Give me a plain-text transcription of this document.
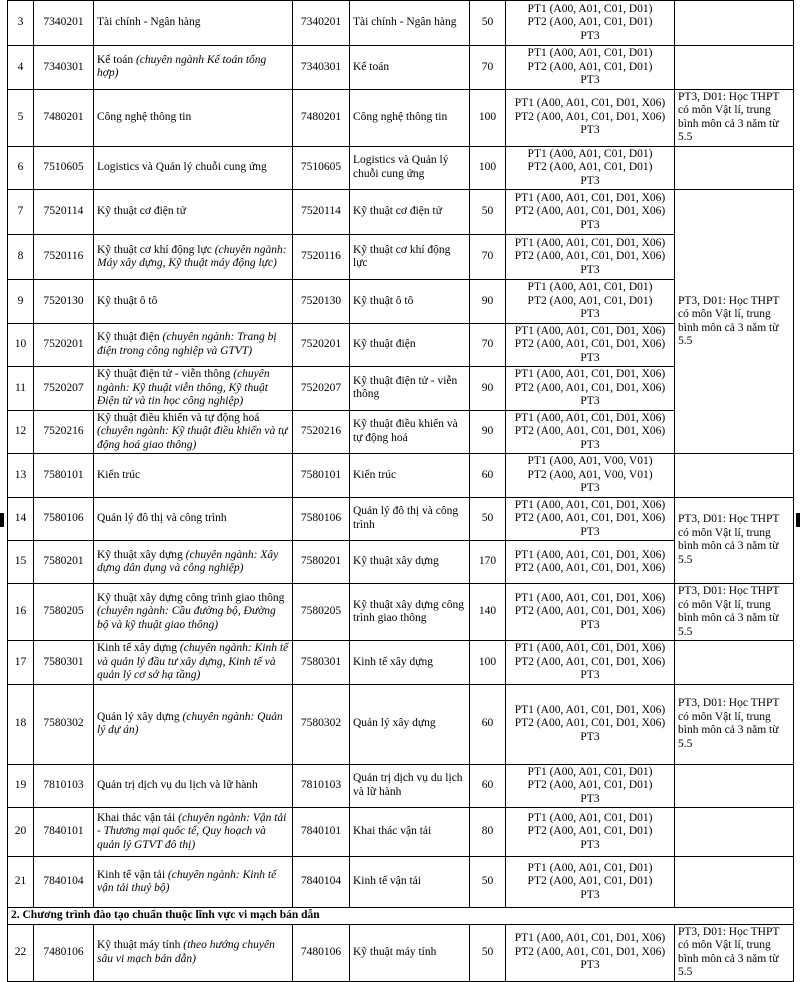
3	7340201	Tài chính - Ngân hàng	7340201	Tài chính - Ngân hàng	50	PT1 (A00, A01, C01, D01)
PT2 (A00, A01, C01, D01)
PT3	

4	7340301	Kế toán (chuyên ngành Kế toán tổng hợp)	7340301	Kế toán	70	PT1 (A00, A01, C01, D01)
PT2 (A00, A01, C01, D01)
PT3	

5	7480201	Công nghệ thông tin	7480201	Công nghệ thông tin	100	PT1 (A00, A01, C01, D01, X06)
PT2 (A00, A01, C01, D01, X06)
PT3	PT3, D01: Học THPT có môn Vật lí, trung bình môn cả 3 năm từ 5.5
6	7510605	Logistics và Quản lý chuỗi cung ứng	7510605	Logistics và Quản lý chuỗi cung ứng	100	PT1 (A00, A01, C01, D01)
PT2 (A00, A01, C01, D01)
PT3	

7	7520114	Kỹ thuật cơ điện tử	7520114	Kỹ thuật cơ điện tử	50	PT1 (A00, A01, C01, D01, X06)
PT2 (A00, A01, C01, D01, X06)
PT3	PT3, D01: Học THPT có môn Vật lí, trung bình môn cả 3 năm từ 5.5
8	7520116	Kỹ thuật cơ khí động lực (chuyên ngành: Máy xây dựng, Kỹ thuật máy động lực)	7520116	Kỹ thuật cơ khí động lực	70	PT1 (A00, A01, C01, D01, X06)
PT2 (A00, A01, C01, D01, X06)
PT3	

9	7520130	Kỹ thuật ô tô	7520130	Kỹ thuật ô tô	90	PT1 (A00, A01, C01, D01)
PT2 (A00, A01, C01, D01)
PT3	

10	7520201	Kỹ thuật điện (chuyên ngành: Trang bị điện trong công nghiệp và GTVT)	7520201	Kỹ thuật điện	70	PT1 (A00, A01, C01, D01, X06)
PT2 (A00, A01, C01, D01, X06)
PT3	

11	7520207	Kỹ thuật điện tử - viễn thông (chuyên ngành: Kỹ thuật viễn thông, Kỹ thuật Điện tử và tin học công nghiệp)	7520207	Kỹ thuật điện tử - viễn thông	90	PT1 (A00, A01, C01, D01, X06)
PT2 (A00, A01, C01, D01, X06)
PT3	

12	7520216	Kỹ thuật điều khiển và tự động hoá (chuyên ngành: Kỹ thuật điều khiển và tự động hoá giao thông)	7520216	Kỹ thuật điều khiển và tự động hoá	90	PT1 (A00, A01, C01, D01, X06)
PT2 (A00, A01, C01, D01, X06)
PT3	

13	7580101	Kiến trúc	7580101	Kiến trúc	60	PT1 (A00, A01, V00, V01)
PT2 (A00, A01, V00, V01)
PT3	

14	7580106	Quản lý đô thị và công trình	7580106	Quản lý đô thị và công trình	50	PT1 (A00, A01, C01, D01, X06)
PT2 (A00, A01, C01, D01, X06)
PT3	PT3, D01: Học THPT có môn Vật lí, trung bình môn cả 3 năm từ 5.5
15	7580201	Kỹ thuật xây dựng (chuyên ngành: Xây dựng dân dụng và công nghiệp)	7580201	Kỹ thuật xây dựng	170	PT1 (A00, A01, C01, D01, X06)
PT2 (A00, A01, C01, D01, X06)	

16	7580205	Kỹ thuật xây dựng công trình giao thông (chuyên ngành: Cầu đường bộ, Đường bộ và kỹ thuật giao thông)	7580205	Kỹ thuật xây dựng công trình giao thông	140	PT1 (A00, A01, C01, D01, X06)
PT2 (A00, A01, C01, D01, X06)
PT3	PT3, D01: Học THPT có môn Vật lí, trung bình môn cả 3 năm từ 5.5
17	7580301	Kinh tế xây dựng (chuyên ngành: Kinh tế và quản lý đầu tư xây dựng, Kinh tế và quản lý cơ sở hạ tầng)	7580301	Kinh tế xây dựng	100	PT1 (A00, A01, C01, D01, X06)
PT2 (A00, A01, C01, D01, X06)
PT3	

18	7580302	Quản lý xây dựng (chuyên ngành: Quản lý dự án)	7580302	Quản lý xây dựng	60	PT1 (A00, A01, C01, D01, X06)
PT2 (A00, A01, C01, D01, X06)
PT3	PT3, D01: Học THPT có môn Vật lí, trung bình môn cả 3 năm từ 5.5
19	7810103	Quản trị dịch vụ du lịch và lữ hành	7810103	Quản trị dịch vụ du lịch và lữ hành	60	PT1 (A00, A01, C01, D01)
PT2 (A00, A01, C01, D01)
PT3	

20	7840101	Khai thác vận tải (chuyên ngành: Vận tải - Thương mại quốc tế, Quy hoạch và quản lý GTVT đô thị)	7840101	Khai thác vận tải	80	PT1 (A00, A01, C01, D01)
PT2 (A00, A01, C01, D01)
PT3	

21	7840104	Kinh tế vận tải (chuyên ngành: Kinh tế vận tải thuỷ bộ)	7840104	Kinh tế vận tải	50	PT1 (A00, A01, C01, D01)
PT2 (A00, A01, C01, D01)
PT3	

2. Chương trình đào tạo chuẩn thuộc lĩnh vực vi mạch bán dẫn							
22	7480106	Kỹ thuật máy tính (theo hướng chuyên sâu vi mạch bán dẫn)	7480106	Kỹ thuật máy tính	50	PT1 (A00, A01, C01, D01, X06)
PT2 (A00, A01, C01, D01, X06)
PT3	PT3, D01: Học THPT có môn Vật lí, trung bình môn cả 3 năm từ 5.5
